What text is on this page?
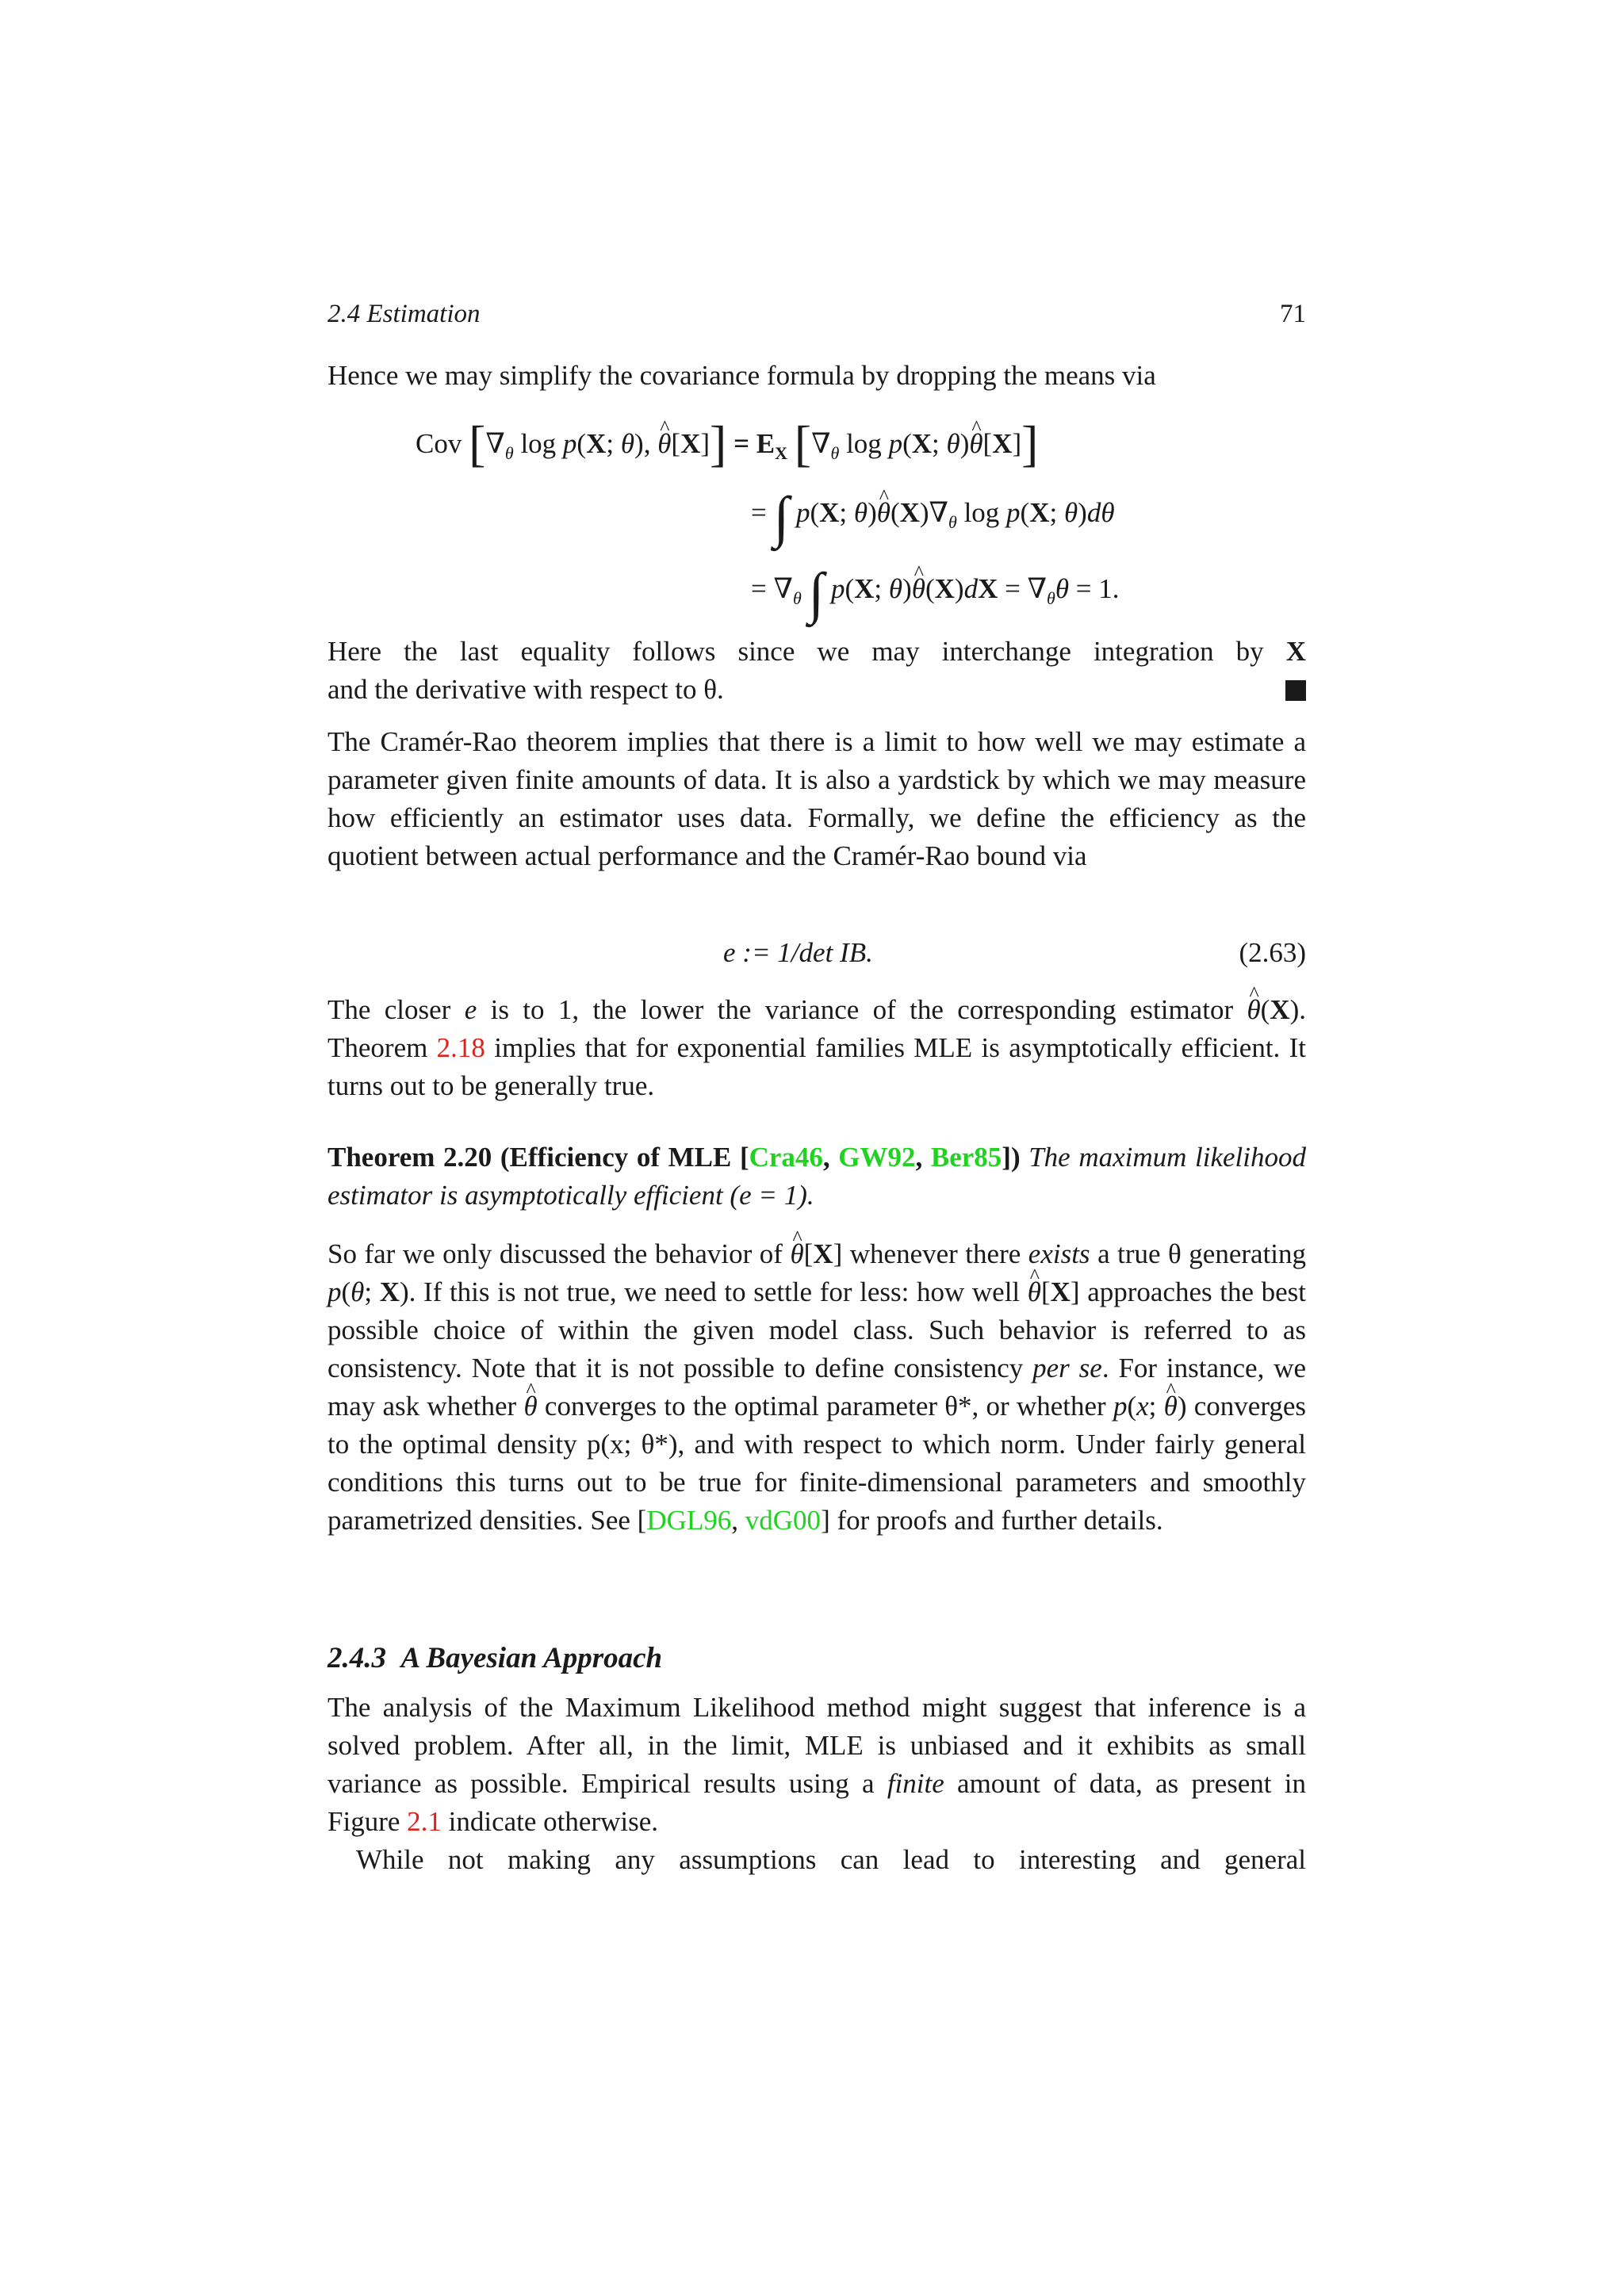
2.4 Estimation	71

Hence we may simplify the covariance formula by dropping the means via

Cov [$\nabla_\theta$ log p(X; θ), ^ $\theta[X]] = E_X$ [$\nabla_\theta$ log p(X; θ)^ θ[X]]
= ∫ p(X; θ)^ $\theta(X)\nabla_\theta$ log p(X; θ)dθ
= $\nabla_\theta$ ∫ p(X; θ)^ $\theta(X)dX = \nabla_\theta\theta = 1$.

Here the last equality follows since we may interchange integration by X

and the derivative with respect to θ.

The Cramér-Rao theorem implies that there is a limit to how well we may estimate a parameter given finite amounts of data. It is also a yardstick by which we may measure how efficiently an estimator uses data. Formally, we define the efficiency as the quotient between actual performance and the Cramér-Rao bound via

e := 1/det IB.	(2.63)

The closer e is to 1, the lower the variance of the corresponding estimator ^ θ(X). Theorem 2.18 implies that for exponential families MLE is asymptotically efficient. It turns out to be generally true.

Theorem 2.20 (Efficiency of MLE [Cra46, GW92, Ber85]) The maximum likelihood estimator is asymptotically efficient (e = 1).

So far we only discussed the behavior of ^ θ[X] whenever there exists a true θ generating p(θ; X). If this is not true, we need to settle for less: how well ^ θ[X] approaches the best possible choice of within the given model class. Such behavior is referred to as consistency. Note that it is not possible to define consistency per se. For instance, we may ask whether ^ θ converges to the optimal parameter θ*, or whether p(x; ^ θ) converges to the optimal density p(x; θ*), and with respect to which norm. Under fairly general conditions this turns out to be true for finite-dimensional parameters and smoothly parametrized densities. See [DGL96, vdG00] for proofs and further details.

2.4.3 A Bayesian Approach

The analysis of the Maximum Likelihood method might suggest that inference is a solved problem. After all, in the limit, MLE is unbiased and it exhibits as small variance as possible. Empirical results using a finite amount of data, as present in Figure 2.1 indicate otherwise.

While not making any assumptions can lead to interesting and general
